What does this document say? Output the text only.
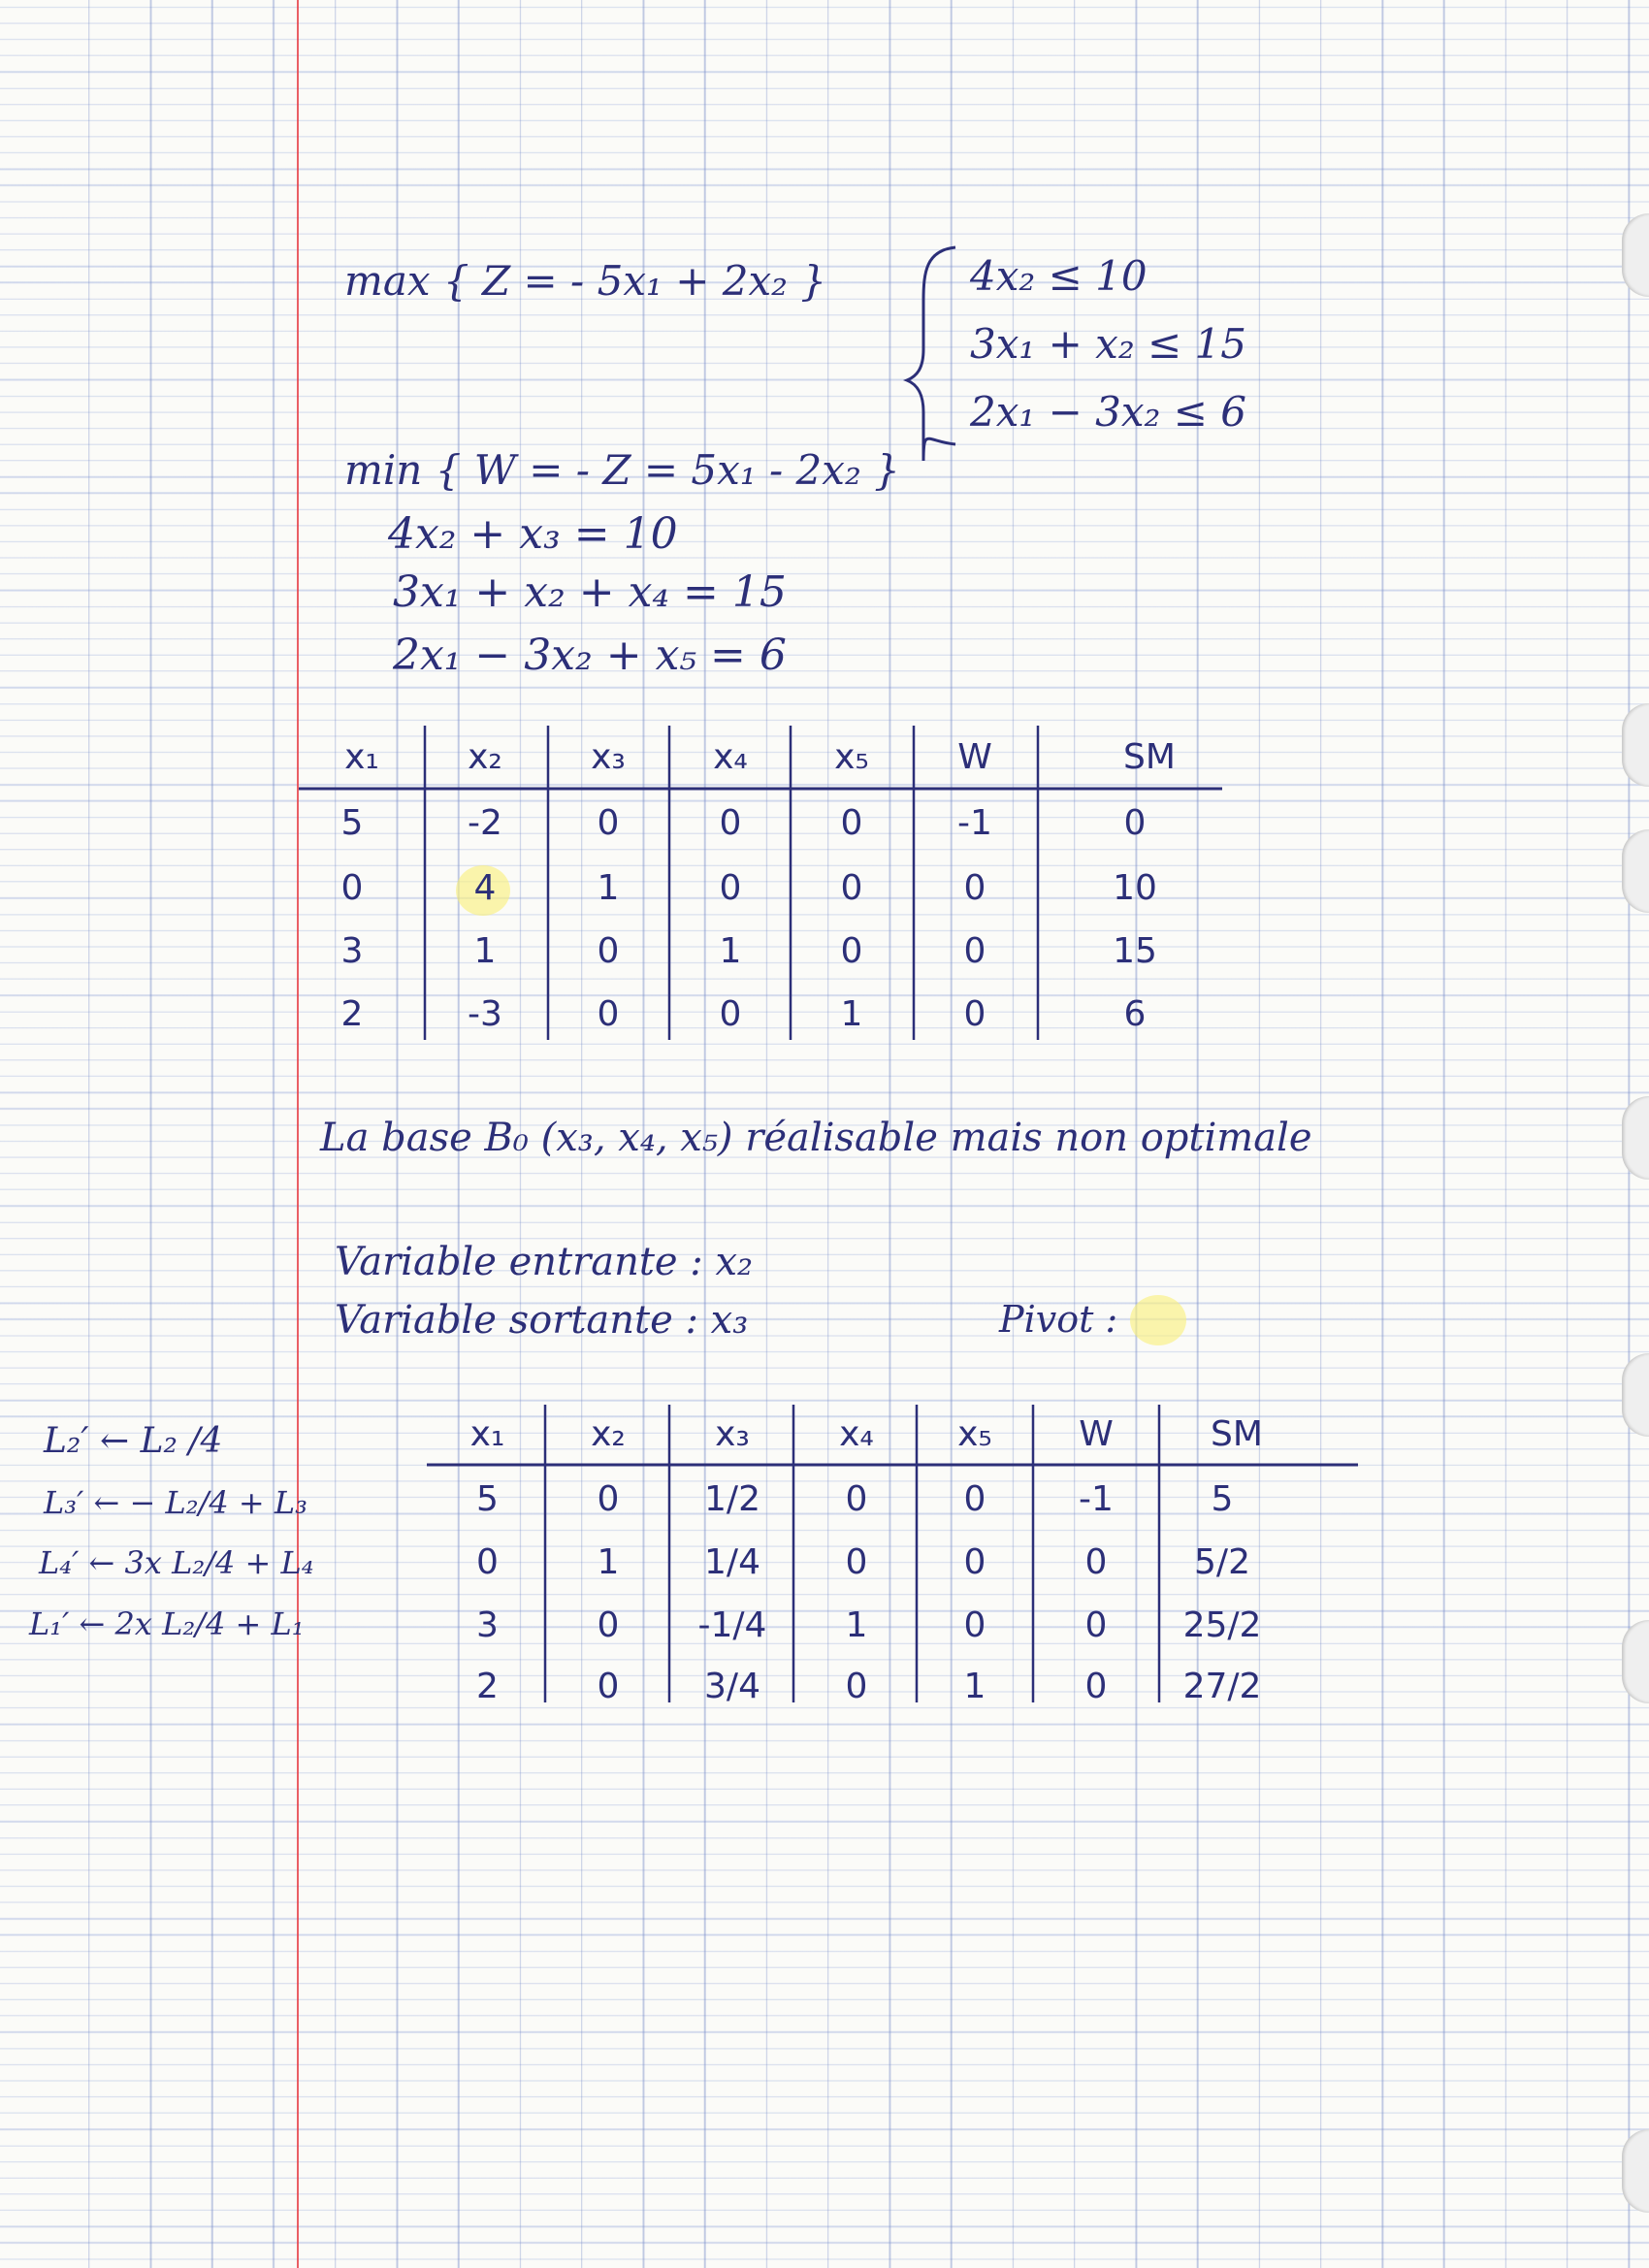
max { Z = - 5x₁ + 2x₂ }	4x₂ ≤ 10
3x₁ + x₂ ≤ 15
2x₁ − 3x₂ ≤ 6
min { W = - Z = 5x₁ - 2x₂ }
4x₂ + x₃ = 10
3x₁ + x₂ + x₄ = 15
2x₁ − 3x₂ + x₅ = 6
x₁	x₂	x₃	x₄	x₅	W	SM
5	-2	0	0	0	-1	0
0	4	1	0	0	0	10
3	1	0	1	0	0	15
2	-3	0	0	1	0	6
La base B₀ (x₃, x₄, x₅) réalisable mais non optimale
Variable entrante : x₂
Variable sortante : x₃	Pivot :
L₂′ ← L₂ /4
L₃′ ← − L₂/4 + L₃
L₄′ ← 3x L₂/4 + L₄
L₁′ ← 2x L₂/4 + L₁
x₁	x₂	x₃	x₄	x₅	W	SM
5	0	1/2	0	0	-1	5
0	1	1/4	0	0	0	5/2
3	0	-1/4	1	0	0	25/2
2	0	3/4	0	1	0	27/2
